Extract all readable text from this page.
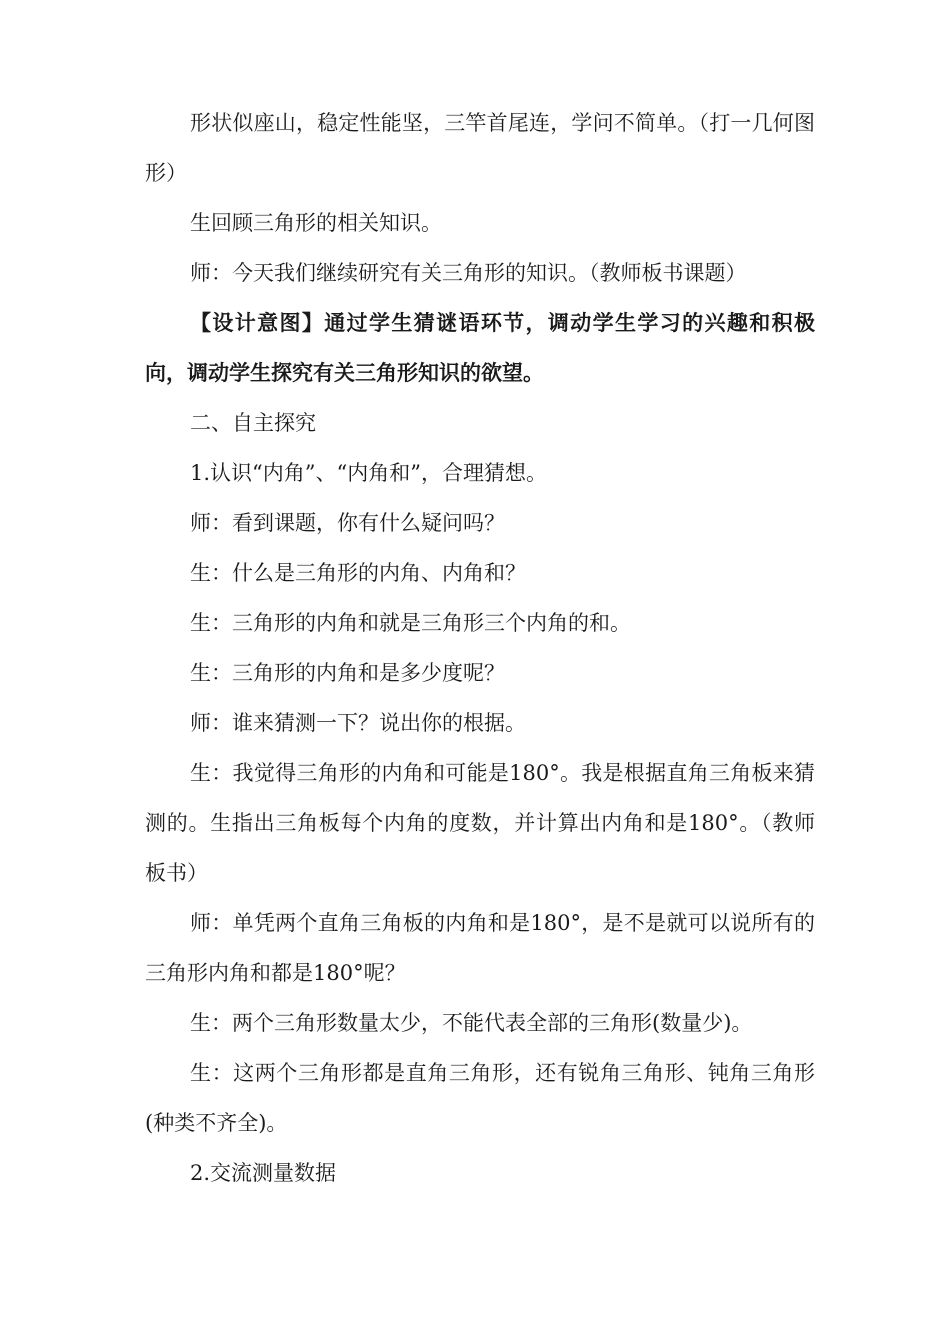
形状似座山，稳定性能坚，三竿首尾连，学问不简单。（打一几何图形）

生回顾三角形的相关知识。

师：今天我们继续研究有关三角形的知识。（教师板书课题）

【设计意图】通过学生猜谜语环节，调动学生学习的兴趣和积极向，调动学生探究有关三角形知识的欲望。

二、自主探究

1.认识“内角”、“内角和”，合理猜想。

师：看到课题，你有什么疑问吗？

生：什么是三角形的内角、内角和？

生：三角形的内角和就是三角形三个内角的和。

生：三角形的内角和是多少度呢？

师：谁来猜测一下？说出你的根据。

生：我觉得三角形的内角和可能是180°。我是根据直角三角板来猜测的。生指出三角板每个内角的度数，并计算出内角和是180°。（教师板书）

师：单凭两个直角三角板的内角和是180°，是不是就可以说所有的三角形内角和都是180°呢？

生：两个三角形数量太少，不能代表全部的三角形(数量少)。

生：这两个三角形都是直角三角形，还有锐角三角形、钝角三角形(种类不齐全)。

2.交流测量数据
